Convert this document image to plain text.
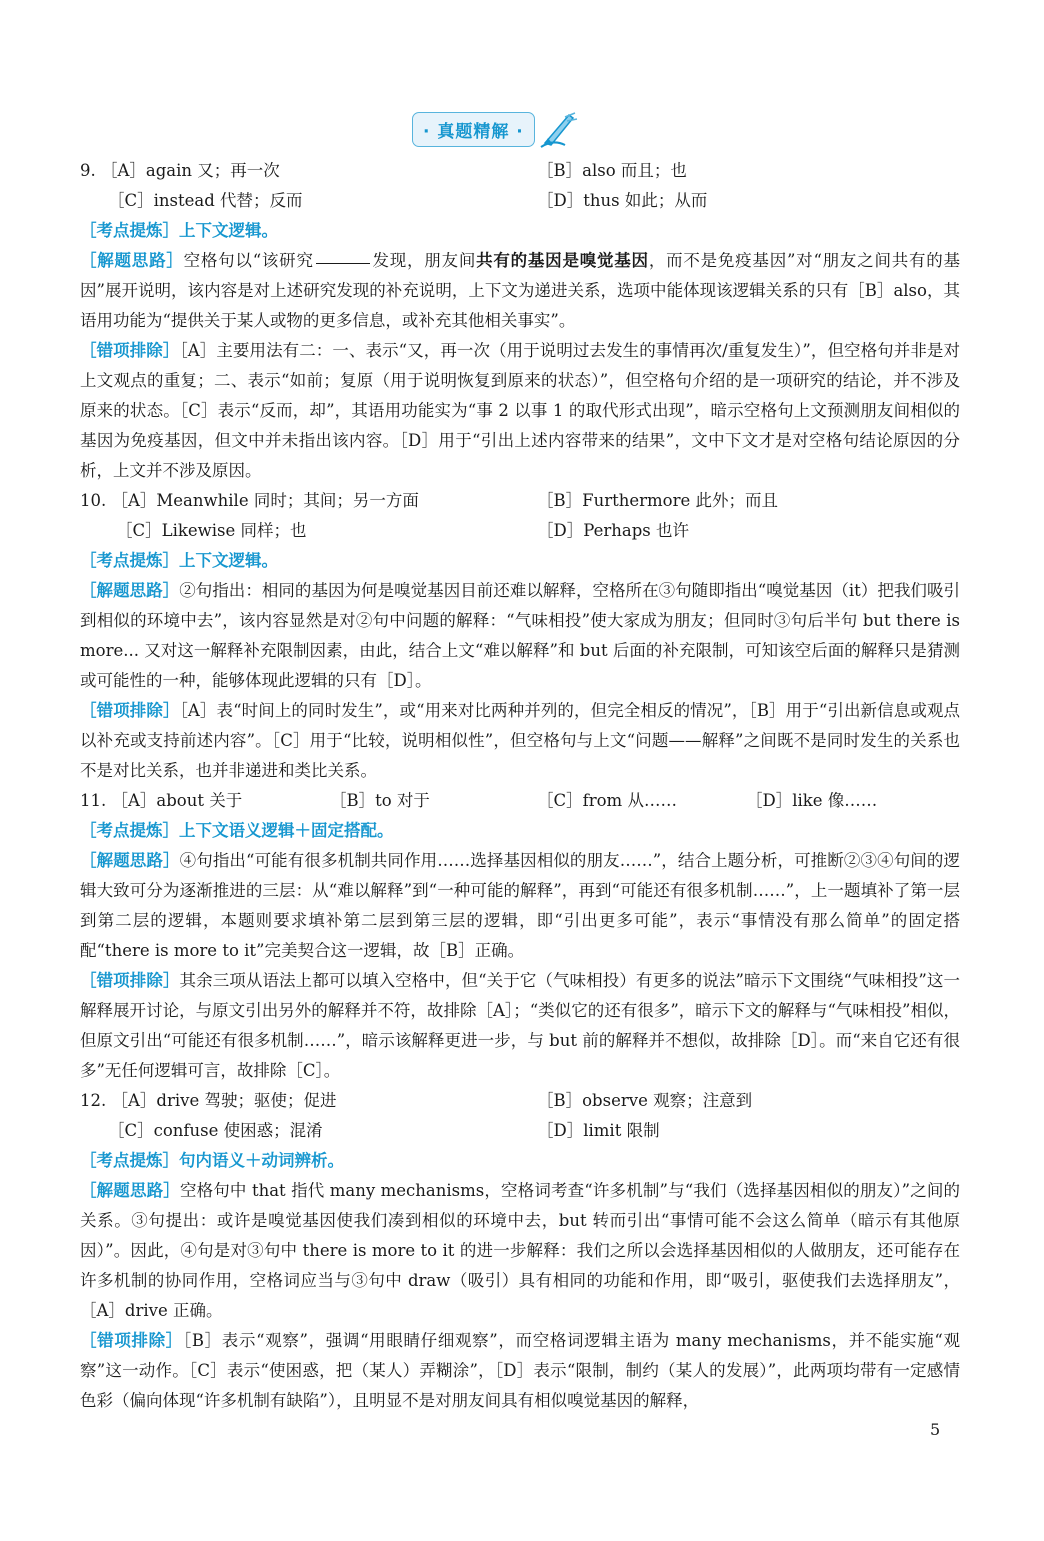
· 真题精解 ·
9. ［A］again 又；再一次	［B］also 而且；也
［C］instead 代替；反而	［D］thus 如此；从而
［考点提炼］上下文逻辑。
［解题思路］空格句以“该研究	发现，朋友间共有的基因是嗅觉基因，而不是免疫基因”对“朋友之间共有的基因”展开说明，该内容是对上述研究发现的补充说明，上下文为递进关系，选项中能体现该逻辑关系的只有［B］also，其语用功能为“提供关于某人或物的更多信息，或补充其他相关事实”。
［错项排除］［A］主要用法有二：一、表示“又，再一次（用于说明过去发生的事情再次/重复发生）”，但空格句并非是对上文观点的重复；二、表示“如前；复原（用于说明恢复到原来的状态）”，但空格句介绍的是一项研究的结论，并不涉及原来的状态。［C］表示“反而，却”，其语用功能实为“事 2 以事 1 的取代形式出现”，暗示空格句上文预测朋友间相似的基因为免疫基因，但文中并未指出该内容。［D］用于“引出上述内容带来的结果”，文中下文才是对空格句结论原因的分析，上文并不涉及原因。
10. ［A］Meanwhile 同时；其间；另一方面	［B］Furthermore 此外；而且
［C］Likewise 同样；也	［D］Perhaps 也许
［考点提炼］上下文逻辑。
［解题思路］②句指出：相同的基因为何是嗅觉基因目前还难以解释，空格所在③句随即指出“嗅觉基因（it）把我们吸引到相似的环境中去”，该内容显然是对②句中问题的解释：“气味相投”使大家成为朋友；但同时③句后半句 but there is more... 又对这一解释补充限制因素，由此，结合上文“难以解释”和 but 后面的补充限制，可知该空后面的解释只是猜测或可能性的一种，能够体现此逻辑的只有［D］。
［错项排除］［A］表“时间上的同时发生”，或“用来对比两种并列的，但完全相反的情况”，［B］用于“引出新信息或观点以补充或支持前述内容”。［C］用于“比较，说明相似性”，但空格句与上文“问题——解释”之间既不是同时发生的关系也不是对比关系，也并非递进和类比关系。
11. ［A］about 关于	［B］to 对于	［C］from 从……	［D］like 像……
［考点提炼］上下文语义逻辑＋固定搭配。
［解题思路］④句指出“可能有很多机制共同作用……选择基因相似的朋友……”，结合上题分析，可推断②③④句间的逻辑大致可分为逐渐推进的三层：从“难以解释”到“一种可能的解释”，再到“可能还有很多机制……”，上一题填补了第一层到第二层的逻辑，本题则要求填补第二层到第三层的逻辑，即“引出更多可能”，表示“事情没有那么简单”的固定搭配“there is more to it”完美契合这一逻辑，故［B］正确。
［错项排除］其余三项从语法上都可以填入空格中，但“关于它（气味相投）有更多的说法”暗示下文围绕“气味相投”这一解释展开讨论，与原文引出另外的解释并不符，故排除［A］；“类似它的还有很多”，暗示下文的解释与“气味相投”相似，但原文引出“可能还有很多机制……”，暗示该解释更进一步，与 but 前的解释并不想似，故排除［D］。而“来自它还有很多”无任何逻辑可言，故排除［C］。
12. ［A］drive 驾驶；驱使；促进	［B］observe 观察；注意到
［C］confuse 使困惑；混淆	［D］limit 限制
［考点提炼］句内语义＋动词辨析。
［解题思路］空格句中 that 指代 many mechanisms，空格词考查“许多机制”与“我们（选择基因相似的朋友）”之间的关系。③句提出：或许是嗅觉基因使我们凑到相似的环境中去，but 转而引出“事情可能不会这么简单（暗示有其他原因）”。因此，④句是对③句中 there is more to it 的进一步解释：我们之所以会选择基因相似的人做朋友，还可能存在许多机制的协同作用，空格词应当与③句中 draw（吸引）具有相同的功能和作用，即“吸引，驱使我们去选择朋友”，［A］drive 正确。
［错项排除］［B］表示“观察”，强调“用眼睛仔细观察”，而空格词逻辑主语为 many mechanisms，并不能实施“观察”这一动作。［C］表示“使困惑，把（某人）弄糊涂”，［D］表示“限制，制约（某人的发展）”，此两项均带有一定感情色彩（偏向体现“许多机制有缺陷”），且明显不是对朋友间具有相似嗅觉基因的解释，
5
